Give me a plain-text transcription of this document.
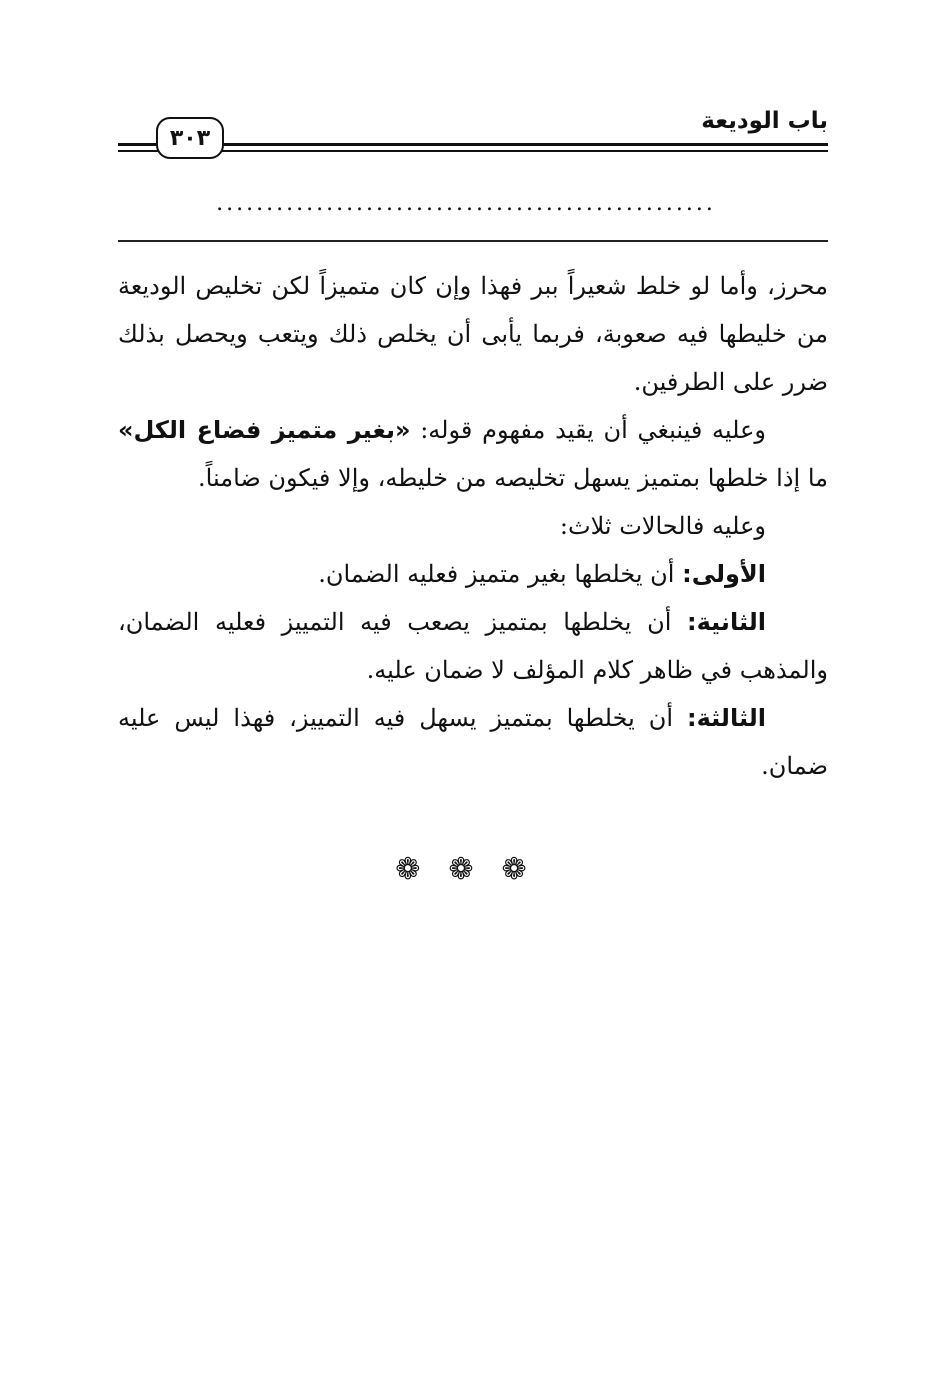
باب الوديعة
٣٠٣
..................................................

محرز، وأما لو خلط شعيراً ببر فهذا وإن كان متميزاً لكن تخليص الوديعة من خليطها فيه صعوبة، فربما يأبى أن يخلص ذلك ويتعب ويحصل بذلك ضرر على الطرفين.

وعليه فينبغي أن يقيد مفهوم قوله: «بغير متميز فضاع الكل» ما إذا خلطها بمتميز يسهل تخليصه من خليطه، وإلا فيكون ضامناً.

وعليه فالحالات ثلاث:

الأولى: أن يخلطها بغير متميز فعليه الضمان.

الثانية: أن يخلطها بمتميز يصعب فيه التمييز فعليه الضمان، والمذهب في ظاهر كلام المؤلف لا ضمان عليه.

الثالثة: أن يخلطها بمتميز يسهل فيه التمييز، فهذا ليس عليه ضمان.

❁❁❁
